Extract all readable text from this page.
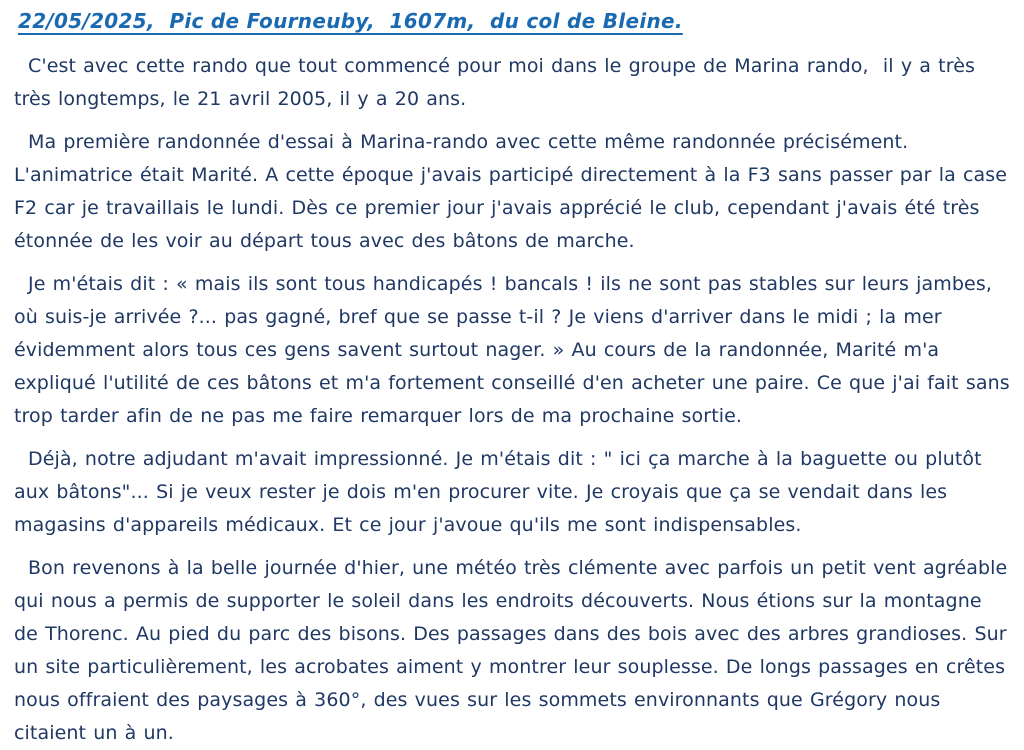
22/05/2025,  Pic de Fourneuby,  1607m,  du col de Bleine.

C'est avec cette rando que tout commencé pour moi dans le groupe de Marina rando,  il y a très très longtemps, le 21 avril 2005, il y a 20 ans.

Ma première randonnée d'essai à Marina-rando avec cette même randonnée précisément. L'animatrice était Marité. A cette époque j'avais participé directement à la F3 sans passer par la case F2 car je travaillais le lundi. Dès ce premier jour j'avais apprécié le club, cependant j'avais été très étonnée de les voir au départ tous avec des bâtons de marche.

Je m'étais dit : « mais ils sont tous handicapés ! bancals ! ils ne sont pas stables sur leurs jambes, où suis-je arrivée ?... pas gagné, bref que se passe t-il ? Je viens d'arriver dans le midi ; la mer évidemment alors tous ces gens savent surtout nager. » Au cours de la randonnée, Marité m'a expliqué l'utilité de ces bâtons et m'a fortement conseillé d'en acheter une paire. Ce que j'ai fait sans trop tarder afin de ne pas me faire remarquer lors de ma prochaine sortie.

Déjà, notre adjudant m'avait impressionné. Je m'étais dit : " ici ça marche à la baguette ou plutôt aux bâtons"... Si je veux rester je dois m'en procurer vite. Je croyais que ça se vendait dans les magasins d'appareils médicaux. Et ce jour j'avoue qu'ils me sont indispensables.

Bon revenons à la belle journée d'hier, une météo très clémente avec parfois un petit vent agréable qui nous a permis de supporter le soleil dans les endroits découverts. Nous étions sur la montagne de Thorenc. Au pied du parc des bisons. Des passages dans des bois avec des arbres grandioses. Sur un site particulièrement, les acrobates aiment y montrer leur souplesse. De longs passages en crêtes nous offraient des paysages à 360°, des vues sur les sommets environnants que Grégory nous citaient un à un.
